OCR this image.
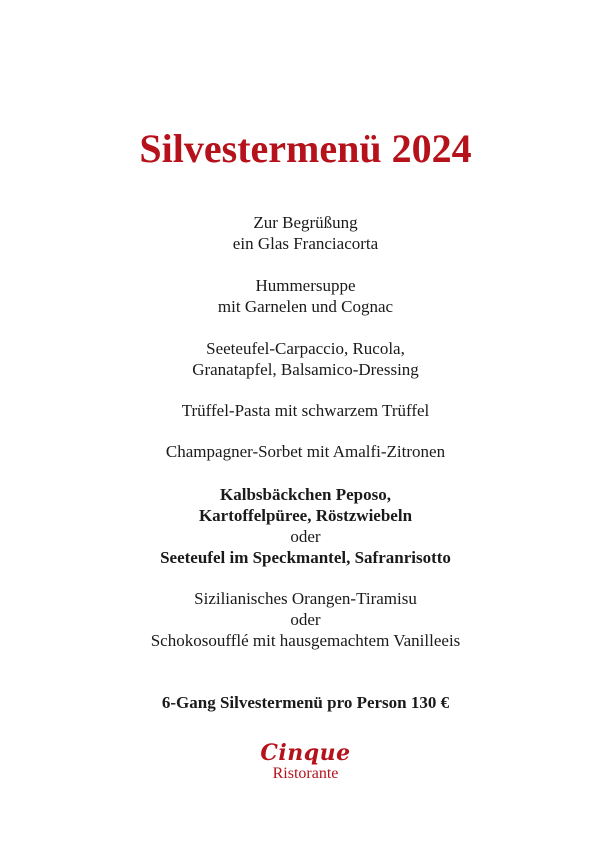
Silvestermenü 2024
Zur Begrüßung
ein Glas Franciacorta
Hummersuppe
mit Garnelen und Cognac
Seeteufel-Carpaccio, Rucola,
Granatapfel, Balsamico-Dressing
Trüffel-Pasta mit schwarzem Trüffel
Champagner-Sorbet mit Amalfi-Zitronen
Kalbsbäckchen Peposo,
Kartoffelpüree, Röstzwiebeln
oder
Seeteufel im Speckmantel, Safranrisotto
Sizilianisches Orangen-Tiramisu
oder
Schokosoufflé mit hausgemachtem Vanilleeis
6-Gang Silvestermenü pro Person 130 €
Cinque
Ristorante
